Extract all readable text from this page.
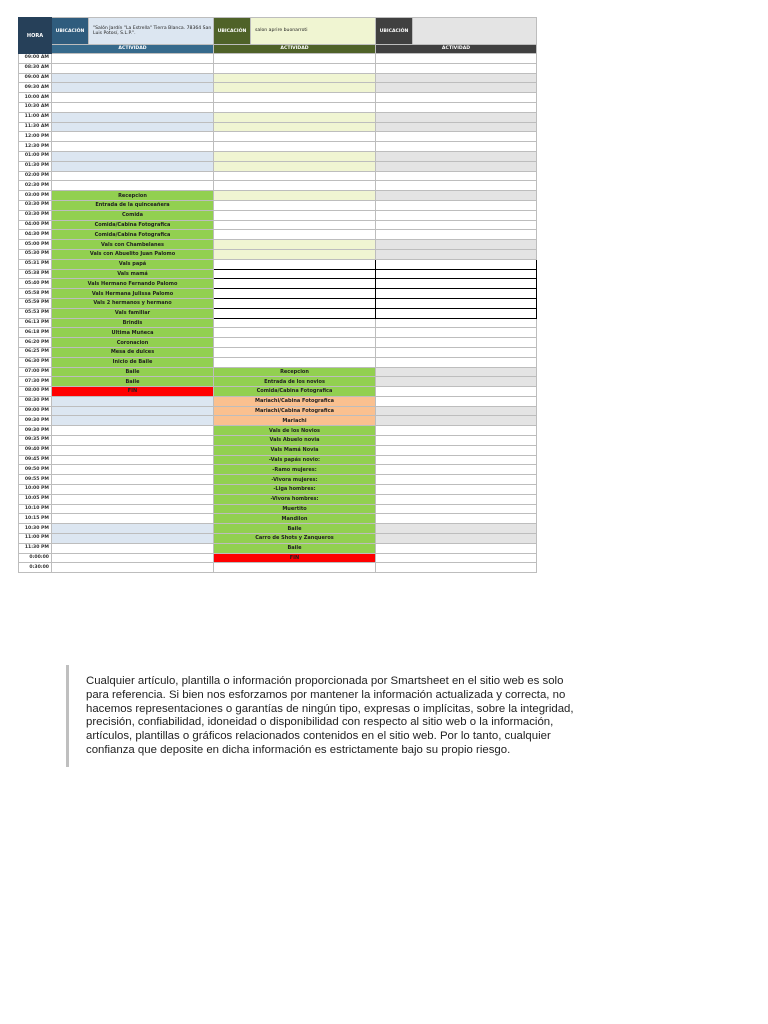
HORA	UBICACIÓN	"Salón Jardín "La Estrella" Tierra Blanca. 78364 San Luis Potosí, S.L.P.".	UBICACIÓN	salon aprire buonarroti	UBICACIÓN	
	ACTIVIDAD		ACTIVIDAD		ACTIVIDAD	
09:00 AM						
08:30 AM						
09:00 AM						
09:30 AM						
10:00 AM						
10:30 AM						
11:00 AM						
11:30 AM						
12:00 PM						
12:30 PM						
01:00 PM						
01:30 PM						
02:00 PM						
02:30 PM						
03:00 PM	Recepcion					
03:30 PM	Entrada de la quinceañera					
03:30 PM	Comida					
04:00 PM	Comida/Cabina Fotografica					
04:30 PM	Comida/Cabina Fotografica					
05:00 PM	Vals con Chambelanes					
05:30 PM	Vals con Abuelito Juan Palomo					
05:31 PM	Vals papá					
05:38 PM	Vals mamá					
05:40 PM	Vals Hermano Fernando Palomo					
05:58 PM	Vals Hermana Julissa Palomo					
05:59 PM	Vals 2 hermanos y hermano					
05:53 PM	Vals familiar					
06:13 PM	Brindis					
06:18 PM	Ultima Muñeca					
06:20 PM	Coronacion					
06:25 PM	Mesa de dulces					
06:30 PM	Inicio de Baile					
07:00 PM	Baile		Recepcion			
07:30 PM	Baile		Entrada de los novios			
08:00 PM	FIN		Comida/Cabina Fotografica			
08:30 PM			Mariachi/Cabina Fotografica			
09:00 PM			Mariachi/Cabina Fotografica			
09:30 PM			Mariachi			
09:30 PM			Vals de los Novios			
09:35 PM			Vals Abuelo novia			
09:40 PM			Vals Mamá Novia			
09:45 PM			-Vals papás novio:			
09:50 PM			-Ramo mujeres:			
09:55 PM			-Vivora mujeres:			
10:00 PM			-Liga hombres:			
10:05 PM			-Vivora hombres:			
10:10 PM			Muertito			
10:15 PM			Mandilon			
10:30 PM			Baile			
11:00 PM			Carro de Shots y Zanqueros			
11:30 PM			Baile			
0:00:00			FIN			
0:30:00						

Cualquier artículo, plantilla o información proporcionada por Smartsheet en el sitio web es solo para referencia. Si bien nos esforzamos por mantener la información actualizada y correcta, no hacemos representaciones o garantías de ningún tipo, expresas o implícitas, sobre la integridad, precisión, confiabilidad, idoneidad o disponibilidad con respecto al sitio web o la información, artículos, plantillas o gráficos relacionados contenidos en el sitio web. Por lo tanto, cualquier confianza que deposite en dicha información es estrictamente bajo su propio riesgo.
